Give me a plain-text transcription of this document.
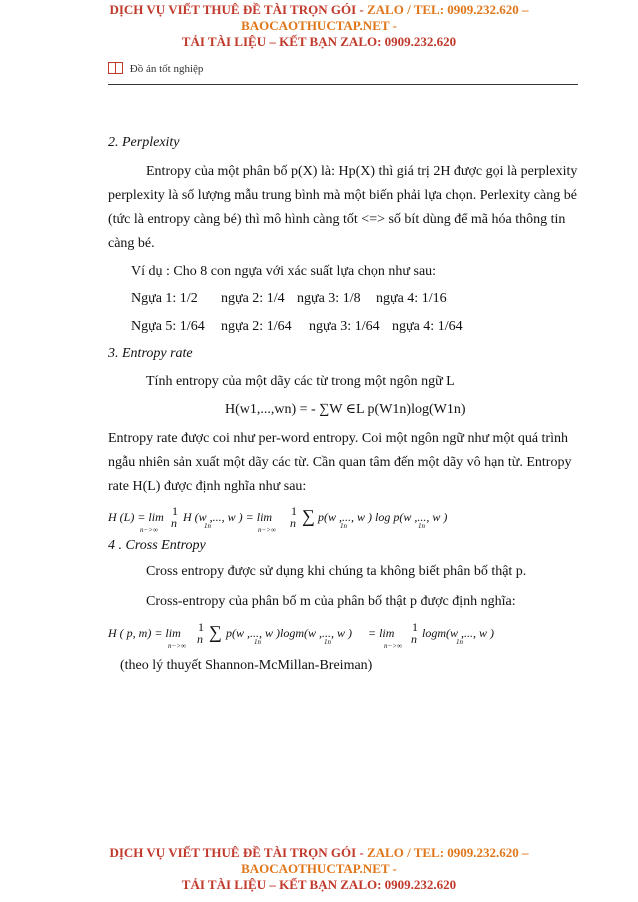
DỊCH VỤ VIẾT THUÊ ĐỀ TÀI TRỌN GÓI - ZALO / TEL: 0909.232.620 –
BAOCAOTHUCTAP.NET -
TẢI TÀI LIỆU – KẾT BẠN ZALO: 0909.232.620
Đồ án tốt nghiệp
2. Perplexity
Entropy của một phân bố p(X) là: Hp(X) thì giá trị 2H được gọi là perplexity
perplexity là số lượng mẫu trung bình mà một biến phải lựa chọn. Perlexity càng bé
(tức là entropy càng bé) thì mô hình càng tốt <=> số bít dùng để mã hóa thông tin
càng bé.
Ví dụ : Cho 8 con ngựa với xác suất lựa chọn như sau:
Ngựa 1: 1/2 ngựa 2: 1/4 ngựa 3: 1/8 ngựa 4: 1/16
Ngựa 5: 1/64 ngựa 2: 1/64 ngựa 3: 1/64 ngựa 4: 1/64
3. Entropy rate
Tính entropy của một dãy các từ trong một ngôn ngữ L
H(w1,...,wn) = - ∑W ∈L p(W1n)log(W1n)
Entropy rate được coi như per-word entropy. Coi một ngôn ngữ như một quá trình
ngẫu nhiên sản xuất một dãy các từ. Cần quan tâm đến một dãy vô hạn từ. Entropy
rate H(L) được định nghĩa như sau:
H (L) = lim 1
n H (w ,..., w ) = lim 1
n ∑ p(w ,..., w ) log p(w ,..., w )
n−>∞	1n	n−>∞	1n	1n
4 . Cross Entropy
Cross entropy được sử dụng khi chúng ta không biết phân bố thật p.
Cross-entropy của phân bố m của phân bố thật p được định nghĩa:
H ( p, m) = lim 1
n ∑ p(w ,..., w )logm(w ,..., w ) = lim 1
n logm(w ,..., w )
n−>∞	1n	1n	n−>∞	1n
(theo lý thuyết Shannon-McMillan-Breiman)
DỊCH VỤ VIẾT THUÊ ĐỀ TÀI TRỌN GÓI - ZALO / TEL: 0909.232.620 –
BAOCAOTHUCTAP.NET -
TẢI TÀI LIỆU – KẾT BẠN ZALO: 0909.232.620
